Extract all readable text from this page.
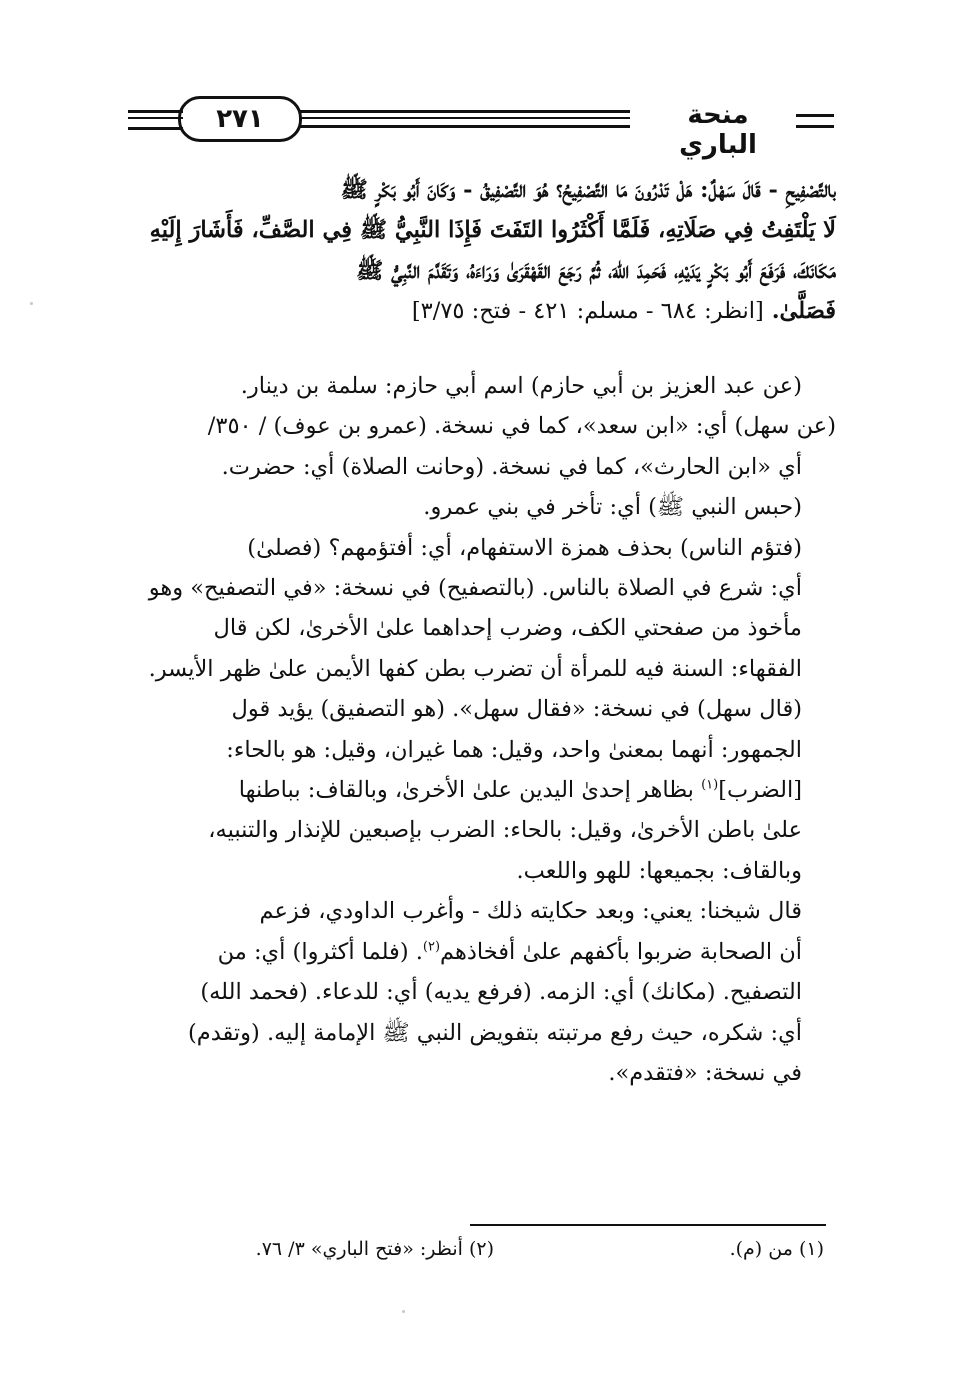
٢٧١	منحة الباري
بالتَّصْفِيحِ - قَالَ سَهْلٌ: هَلْ تَدْرُونَ مَا التَّصْفِيحُ؟ هُوَ التَّصْفِيقُ - وَكَانَ أَبُو بَكْرٍ ﷺ
لَا يَلْتَفِتُ فِي صَلَاتِهِ، فَلَمَّا أَكْثَرُوا التَفَتَ فَإِذَا النَّبِيُّ ﷺ فِي الصَّفِّ، فَأَشَارَ إِلَيْهِ
مَكَانَكَ، فَرَفَعَ أَبُو بَكْرٍ يَدَيْهِ، فَحَمِدَ اللهَ، ثُمَّ رَجَعَ القَهْقَرَىٰ وَرَاءَهُ، وَتَقَدَّمَ النَّبِيُّ ﷺ
فَصَلَّىٰ. [انظر: ٦٨٤ - مسلم: ٤٢١ - فتح: ٣/٧٥]
(عن عبد العزيز بن أبي حازم) اسم أبي حازم: سلمة بن دينار.
(عن سهل) أي: «ابن سعد»، كما في نسخة. (عمرو بن عوف) / ٣٥٠/
أي «ابن الحارث»، كما في نسخة. (وحانت الصلاة) أي: حضرت.
(حبس النبي ﷺ) أي: تأخر في بني عمرو.
(فتؤم الناس) بحذف همزة الاستفهام، أي: أفتؤمهم؟ (فصلىٰ)
أي: شرع في الصلاة بالناس. (بالتصفيح) في نسخة: «في التصفيح» وهو
مأخوذ من صفحتي الكف، وضرب إحداهما علىٰ الأخرىٰ، لكن قال
الفقهاء: السنة فيه للمرأة أن تضرب بطن كفها الأيمن علىٰ ظهر الأيسر.
(قال سهل) في نسخة: «فقال سهل». (هو التصفيق) يؤيد قول
الجمهور: أنهما بمعنىٰ واحد، وقيل: هما غيران، وقيل: هو بالحاء:
[الضرب]$^{(١)}$ بظاهر إحدىٰ اليدين علىٰ الأخرىٰ، وبالقاف: بباطنها
علىٰ باطن الأخرىٰ، وقيل: بالحاء: الضرب بإصبعين للإنذار والتنبيه،
وبالقاف: بجميعها: للهو واللعب.
قال شيخنا: يعني: وبعد حكايته ذلك - وأغرب الداودي، فزعم
أن الصحابة ضربوا بأكفهم علىٰ أفخاذهم$^{(٢)}$. (فلما أكثروا) أي: من
التصفيح. (مكانك) أي: الزمه. (فرفع يديه) أي: للدعاء. (فحمد الله)
أي: شكره، حيث رفع مرتبته بتفويض النبي ﷺ الإمامة إليه. (وتقدم)
في نسخة: «فتقدم».
(١) من (م).
(٢) أنظر: «فتح الباري» ٣/ ٧٦.
